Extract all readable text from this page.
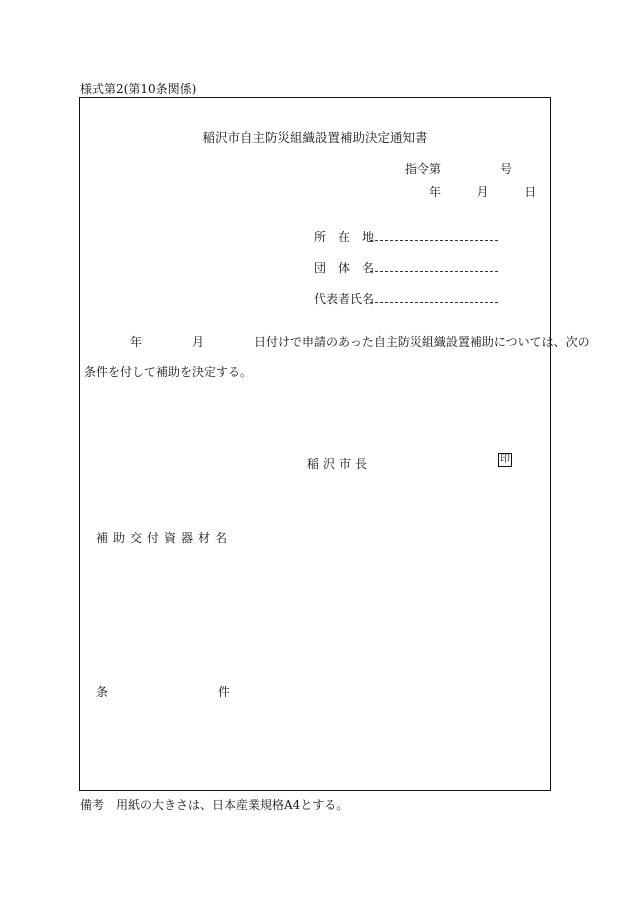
様式第2(第10条関係)
稲沢市自主防災組織設置補助決定通知書
指令第	号
年	月	日
所　在　地
団　体　名
代表者氏名
年	月	日付けで申請のあった自主防災組織設置補助については、次の
条件を付して補助を決定する。
稲沢市長	印
補助交付資器材名
条	件
備考　用紙の大きさは、日本産業規格A4とする。
